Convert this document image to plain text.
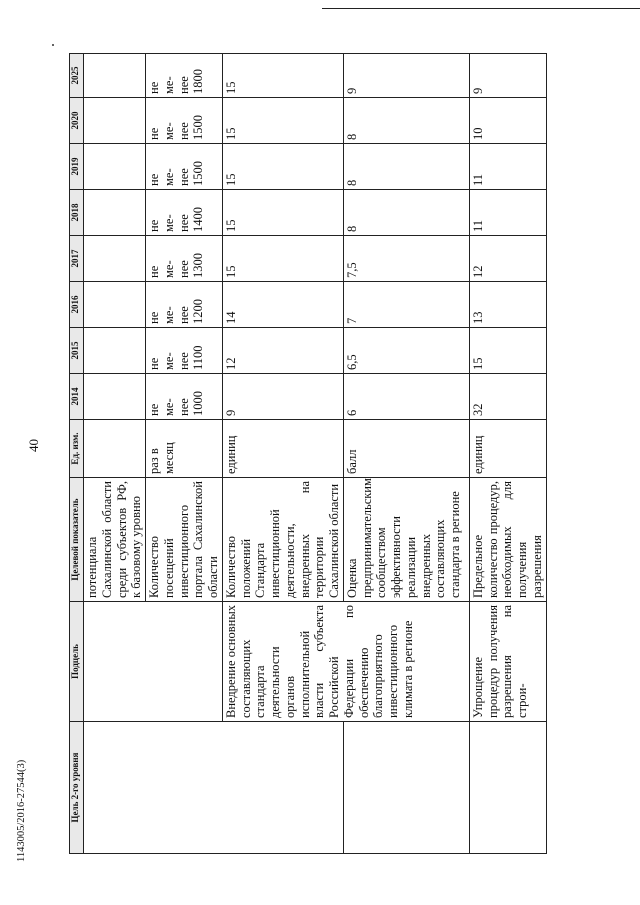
40
1143005/2016-27544(3)	Цель 2-го уровня	Подцель	Целевой показатель	Ед. изм.	2014	2015	2016	2017	2018	2019	2020	2025
		потенциала Сахалинской области среди субъектов РФ, к базовому уровню									
		Количество посещений инвестиционного портала Сахалинской области	раз в месяц	не ме- нее 1000	не ме- нее 1100	не ме- нее 1200	не ме- нее 1300	не ме- нее 1400	не ме- нее 1500	не ме- нее 1500	не ме- нее 1800

	Внедрение основных составляющих стандарта деятельности органов исполнительной власти субъекта Российской Федерации по обеспечению благоприятного инвестиционного климата в регионе	Количество положений Стандарта инвестиционной деятельности, внедренных на территории Сахалинской области	единиц	9	12	14	15	15	15	15	15
		Оценка предпринимательским сообществом эффективности реализации внедренных составляющих стандарта в регионе	балл	6	6,5	7	7,5	8	8	8	9
	Упрощение процедур получения разрешения на строи-	Предельное количество процедур, необходимых для получения разрешения	единиц	32	15	13	12	11	11	10	9
